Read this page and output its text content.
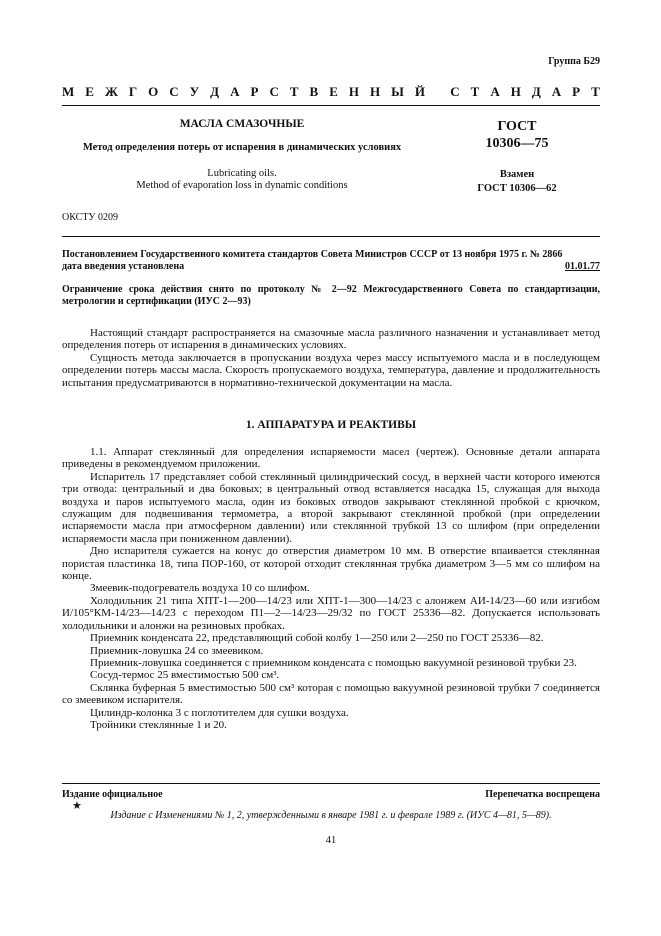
Группа Б29
М Е Ж Г О С У Д А Р С Т В Е Н Н Ы Й
С Т А Н Д А Р Т
МАСЛА СМАЗОЧНЫЕ
Метод определения потерь от испарения в динамических условиях
Lubricating oils.
Method of evaporation loss in dynamic conditions
ГОСТ
10306—75
Взамен
ГОСТ 10306—62
ОКСТУ 0209
Постановлением Государственного комитета стандартов Совета Министров СССР от 13 ноября 1975 г. № 2866
дата введения установлена	01.01.77
Ограничение срока действия снято по протоколу № 2—92 Межгосударственного Совета по стандартизации, метрологии и сертификации (ИУС 2—93)

Настоящий стандарт распространяется на смазочные масла различного назначения и устанавливает метод определения потерь от испарения в динамических условиях.

Сущность метода заключается в пропускании воздуха через массу испытуемого масла и в последующем определении потерь массы масла. Скорость пропускаемого воздуха, температура, давление и продолжительность испытания предусматриваются в нормативно-технической документации на масла.

1. АППАРАТУРА И РЕАКТИВЫ

1.1. Аппарат стеклянный для определения испаряемости масел (чертеж). Основные детали аппарата приведены в рекомендуемом приложении.

Испаритель 17 представляет собой стеклянный цилиндрический сосуд, в верхней части которого имеются три отвода: центральный и два боковых; в центральный отвод вставляется насадка 15, служащая для выхода воздуха и паров испытуемого масла, один из боковых отводов закрывают стеклянной пробкой с крючком, служащим для подвешивания термометра, а второй закрывают стеклянной пробкой (при определении испаряемости масла при атмосферном давлении) или стеклянной трубкой 13 со шлифом (при определении испаряемости масла при пониженном давлении).

Дно испарителя сужается на конус до отверстия диаметром 10 мм. В отверстие впаивается стеклянная пористая пластинка 18, типа ПОР-160, от которой отходит стеклянная трубка диаметром 3—5 мм со шлифом на конце.

Змеевик-подогреватель воздуха 10 со шлифом.

Холодильник 21 типа ХПТ-1—200—14/23 или ХПТ-1—300—14/23 с алонжем АИ-14/23—60 или изгибом И/105°КМ-14/23—14/23 с переходом П1—2—14/23—29/32 по ГОСТ 25336—82. Допускается использовать холодильники и алонжи на резиновых пробках.

Приемник конденсата 22, представляющий собой колбу 1—250 или 2—250 по ГОСТ 25336—82.

Приемник-ловушка 24 со змеевиком.

Приемник-ловушка соединяется с приемником конденсата с помощью вакуумной резиновой трубки 23.

Сосуд-термос 25 вместимостью 500 см³.

Склянка буферная 5 вместимостью 500 см³ которая с помощью вакуумной резиновой трубки 7 соединяется со змеевиком испарителя.

Цилиндр-колонка 3 с поглотителем для сушки воздуха.

Тройники стеклянные 1 и 20.

Издание официальное	Перепечатка воспрещена
★
Издание с Изменениями № 1, 2, утвержденными в январе 1981 г. и феврале 1989 г. (ИУС 4—81, 5—89).
41
